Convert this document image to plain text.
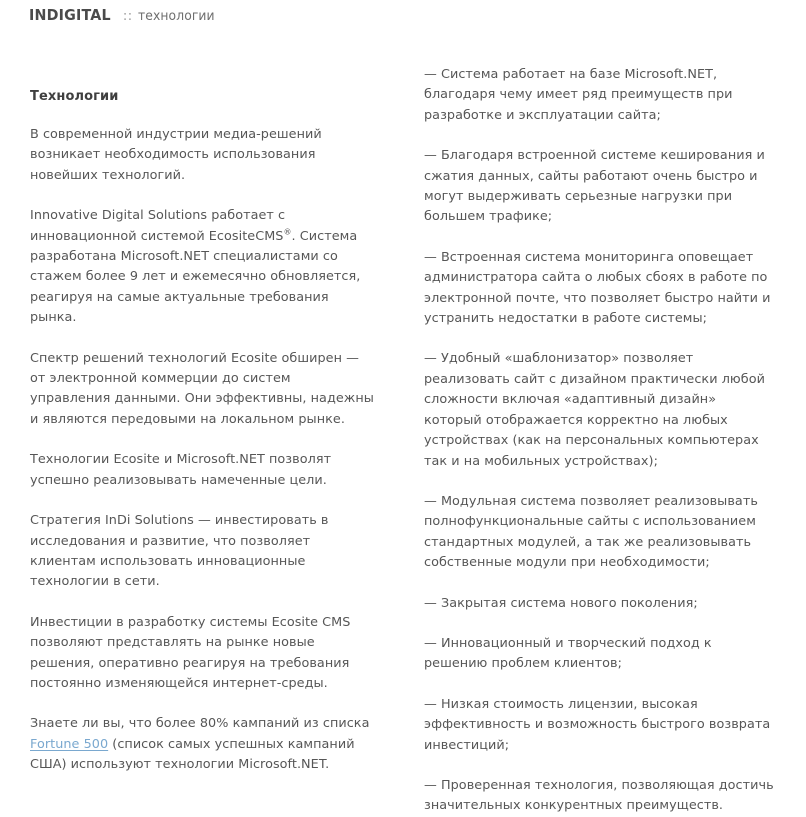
INDIGITAL :: технологии
Технологии

В современной индустрии медиа-решений возникает необходимость использования новейших технологий.

Innovative Digital Solutions работает с инновационной системой EcositeCMS®. Система разработана Microsoft.NET специалистами со стажем более 9 лет и ежемесячно обновляется, реагируя на самые актуальные требования рынка.

Спектр решений технологий Ecosite обширен — от электронной коммерции до систем управления данными. Они эффективны, надежны и являются передовыми на локальном рынке.

Технологии Ecosite и Microsoft.NET позволят успешно реализовывать намеченные цели.

Стратегия InDi Solutions — инвестировать в исследования и развитие, что позволяет клиентам использовать инновационные технологии в сети.

Инвестиции в разработку системы Ecosite CMS позволяют представлять на рынке новые решения, оперативно реагируя на требования постоянно изменяющейся интернет-среды.

Знаете ли вы, что более 80% кампаний из списка Fortune 500 (список самых успешных кампаний США) используют технологии Microsoft.NET.

— Система работает на базе Microsoft.NET, благодаря чему имеет ряд преимуществ при разработке и эксплуатации сайта;

— Благодаря встроенной системе кеширования и сжатия данных, сайты работают очень быстро и могут выдерживать серьезные нагрузки при большем трафике;

— Встроенная система мониторинга оповещает администратора сайта о любых сбоях в работе по электронной почте, что позволяет быстро найти и устранить недостатки в работе системы;

— Удобный «шаблонизатор» позволяет реализовать сайт с дизайном практически любой сложности включая «адаптивный дизайн» который отображается корректно на любых устройствах (как на персональных компьютерах так и на мобильных устройствах);

— Модульная система позволяет реализовывать полнофункциональные сайты с использованием стандартных модулей, а так же реализовывать собственные модули при необходимости;

— Закрытая система нового поколения;

— Инновационный и творческий подход к решению проблем клиентов;

— Низкая стоимость лицензии, высокая эффективность и возможность быстрого возврата инвестиций;

— Проверенная технология, позволяющая достичь значительных конкурентных преимуществ.
